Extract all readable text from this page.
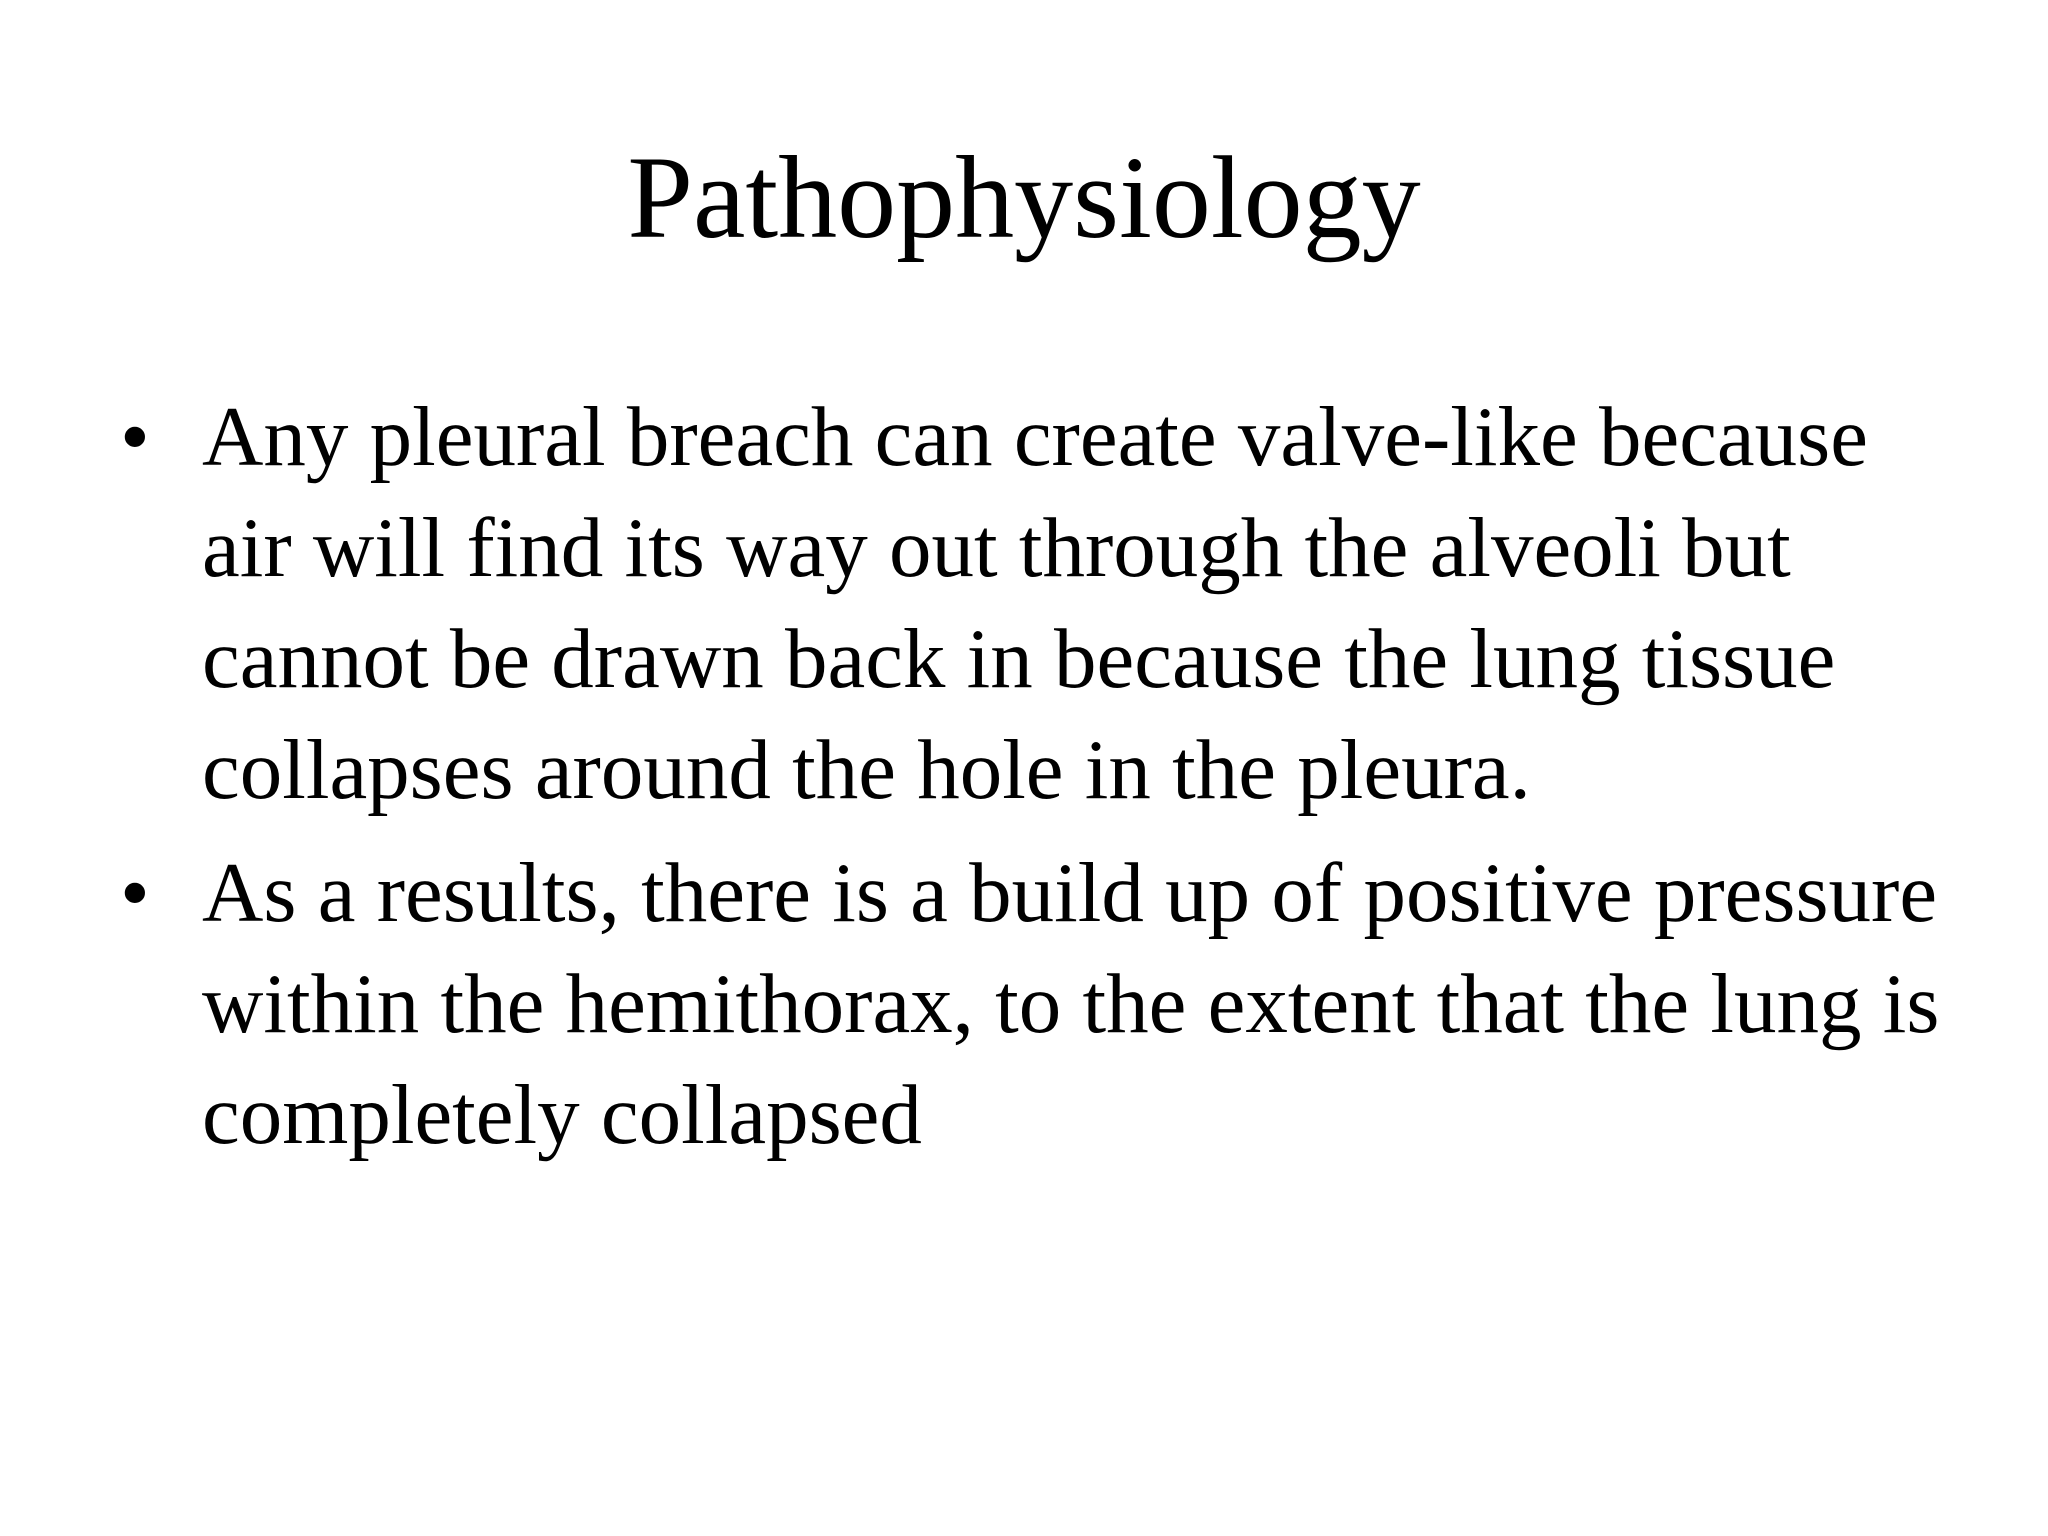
Pathophysiology
• Any pleural breach can create valve-like because air will find its way out through the alveoli but cannot be drawn back in because the lung tissue collapses around the hole in the pleura.
• As a results, there is a build up of positive pressure within the hemithorax, to the extent that the lung is completely collapsed
